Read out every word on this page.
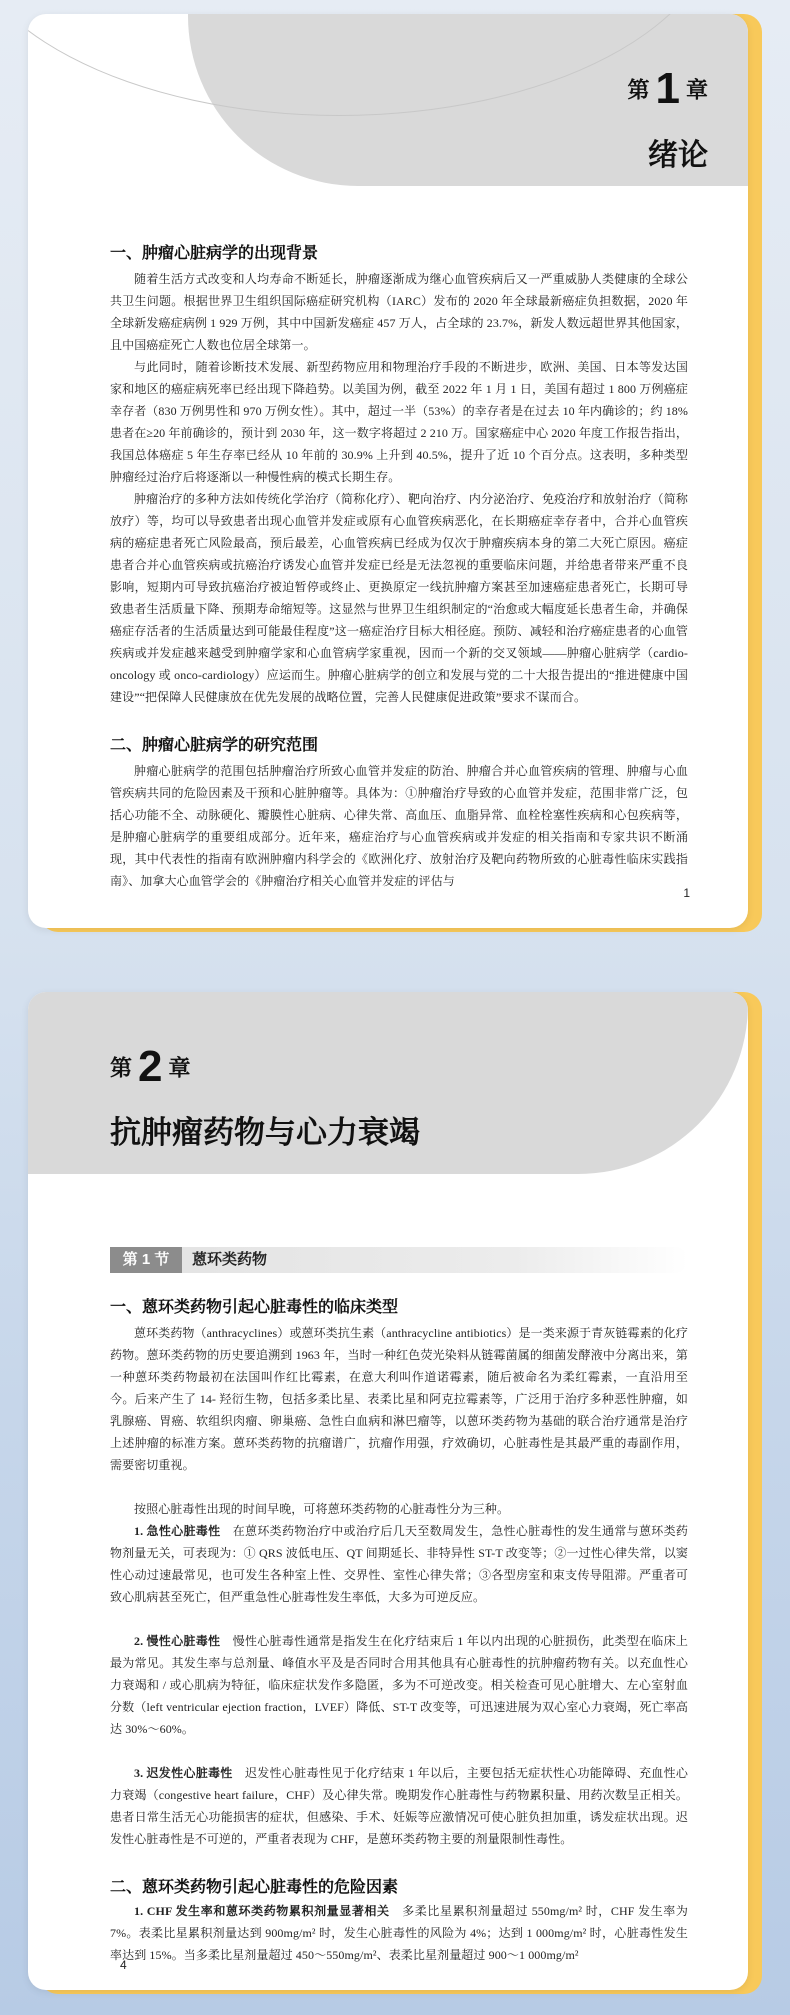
第 1 章
绪论
一、肿瘤心脏病学的出现背景

随着生活方式改变和人均寿命不断延长，肿瘤逐渐成为继心血管疾病后又一严重威胁人类健康的全球公共卫生问题。根据世界卫生组织国际癌症研究机构（IARC）发布的 2020 年全球最新癌症负担数据，2020 年全球新发癌症病例 1 929 万例，其中中国新发癌症 457 万人，占全球的 23.7%，新发人数远超世界其他国家，且中国癌症死亡人数也位居全球第一。

与此同时，随着诊断技术发展、新型药物应用和物理治疗手段的不断进步，欧洲、美国、日本等发达国家和地区的癌症病死率已经出现下降趋势。以美国为例，截至 2022 年 1 月 1 日，美国有超过 1 800 万例癌症幸存者（830 万例男性和 970 万例女性）。其中，超过一半（53%）的幸存者是在过去 10 年内确诊的；约 18% 患者在≥20 年前确诊的，预计到 2030 年，这一数字将超过 2 210 万。国家癌症中心 2020 年度工作报告指出，我国总体癌症 5 年生存率已经从 10 年前的 30.9% 上升到 40.5%，提升了近 10 个百分点。这表明，多种类型肿瘤经过治疗后将逐渐以一种慢性病的模式长期生存。

肿瘤治疗的多种方法如传统化学治疗（简称化疗）、靶向治疗、内分泌治疗、免疫治疗和放射治疗（简称放疗）等，均可以导致患者出现心血管并发症或原有心血管疾病恶化，在长期癌症幸存者中，合并心血管疾病的癌症患者死亡风险最高，预后最差，心血管疾病已经成为仅次于肿瘤疾病本身的第二大死亡原因。癌症患者合并心血管疾病或抗癌治疗诱发心血管并发症已经是无法忽视的重要临床问题，并给患者带来严重不良影响，短期内可导致抗癌治疗被迫暂停或终止、更换原定一线抗肿瘤方案甚至加速癌症患者死亡，长期可导致患者生活质量下降、预期寿命缩短等。这显然与世界卫生组织制定的“治愈或大幅度延长患者生命，并确保癌症存活者的生活质量达到可能最佳程度”这一癌症治疗目标大相径庭。预防、减轻和治疗癌症患者的心血管疾病或并发症越来越受到肿瘤学家和心血管病学家重视，因而一个新的交叉领域——肿瘤心脏病学（cardio-oncology 或 onco-cardiology）应运而生。肿瘤心脏病学的创立和发展与党的二十大报告提出的“推进健康中国建设”“把保障人民健康放在优先发展的战略位置，完善人民健康促进政策”要求不谋而合。

二、肿瘤心脏病学的研究范围

肿瘤心脏病学的范围包括肿瘤治疗所致心血管并发症的防治、肿瘤合并心血管疾病的管理、肿瘤与心血管疾病共同的危险因素及干预和心脏肿瘤等。具体为：①肿瘤治疗导致的心血管并发症，范围非常广泛，包括心功能不全、动脉硬化、瓣膜性心脏病、心律失常、高血压、血脂异常、血栓栓塞性疾病和心包疾病等，是肿瘤心脏病学的重要组成部分。近年来，癌症治疗与心血管疾病或并发症的相关指南和专家共识不断涌现，其中代表性的指南有欧洲肿瘤内科学会的《欧洲化疗、放射治疗及靶向药物所致的心脏毒性临床实践指南》、加拿大心血管学会的《肿瘤治疗相关心血管并发症的评估与

1
第 2 章
抗肿瘤药物与心力衰竭
第 1 节	蒽环类药物
一、蒽环类药物引起心脏毒性的临床类型

蒽环类药物（anthracyclines）或蒽环类抗生素（anthracycline antibiotics）是一类来源于青灰链霉素的化疗药物。蒽环类药物的历史要追溯到 1963 年，当时一种红色荧光染料从链霉菌属的细菌发酵液中分离出来，第一种蒽环类药物最初在法国叫作红比霉素，在意大利叫作道诺霉素，随后被命名为柔红霉素，一直沿用至今。后来产生了 14- 羟衍生物，包括多柔比星、表柔比星和阿克拉霉素等，广泛用于治疗多种恶性肿瘤，如乳腺癌、胃癌、软组织肉瘤、卵巢癌、急性白血病和淋巴瘤等，以蒽环类药物为基础的联合治疗通常是治疗上述肿瘤的标准方案。蒽环类药物的抗瘤谱广，抗瘤作用强，疗效确切，心脏毒性是其最严重的毒副作用，需要密切重视。

按照心脏毒性出现的时间早晚，可将蒽环类药物的心脏毒性分为三种。

1. 急性心脏毒性　 在蒽环类药物治疗中或治疗后几天至数周发生，急性心脏毒性的发生通常与蒽环类药物剂量无关，可表现为：① QRS 波低电压、QT 间期延长、非特异性 ST-T 改变等；②一过性心律失常，以窦性心动过速最常见，也可发生各种室上性、交界性、室性心律失常；③各型房室和束支传导阻滞。严重者可致心肌病甚至死亡，但严重急性心脏毒性发生率低，大多为可逆反应。

2. 慢性心脏毒性　 慢性心脏毒性通常是指发生在化疗结束后 1 年以内出现的心脏损伤，此类型在临床上最为常见。其发生率与总剂量、峰值水平及是否同时合用其他具有心脏毒性的抗肿瘤药物有关。以充血性心力衰竭和 / 或心肌病为特征，临床症状发作多隐匿，多为不可逆改变。相关检查可见心脏增大、左心室射血分数（left ventricular ejection fraction，LVEF）降低、ST-T 改变等，可迅速进展为双心室心力衰竭，死亡率高达 30%～60%。

3. 迟发性心脏毒性　 迟发性心脏毒性见于化疗结束 1 年以后，主要包括无症状性心功能障碍、充血性心力衰竭（congestive heart failure，CHF）及心律失常。晚期发作心脏毒性与药物累积量、用药次数呈正相关。患者日常生活无心功能损害的症状，但感染、手术、妊娠等应激情况可使心脏负担加重，诱发症状出现。迟发性心脏毒性是不可逆的，严重者表现为 CHF，是蒽环类药物主要的剂量限制性毒性。

二、蒽环类药物引起心脏毒性的危险因素

1. CHF 发生率和蒽环类药物累积剂量显著相关　 多柔比星累积剂量超过 550mg/m² 时，CHF 发生率为 7%。表柔比星累积剂量达到 900mg/m² 时，发生心脏毒性的风险为 4%；达到 1 000mg/m² 时，心脏毒性发生率达到 15%。当多柔比星剂量超过 450～550mg/m²、表柔比星剂量超过 900～1 000mg/m²

4
